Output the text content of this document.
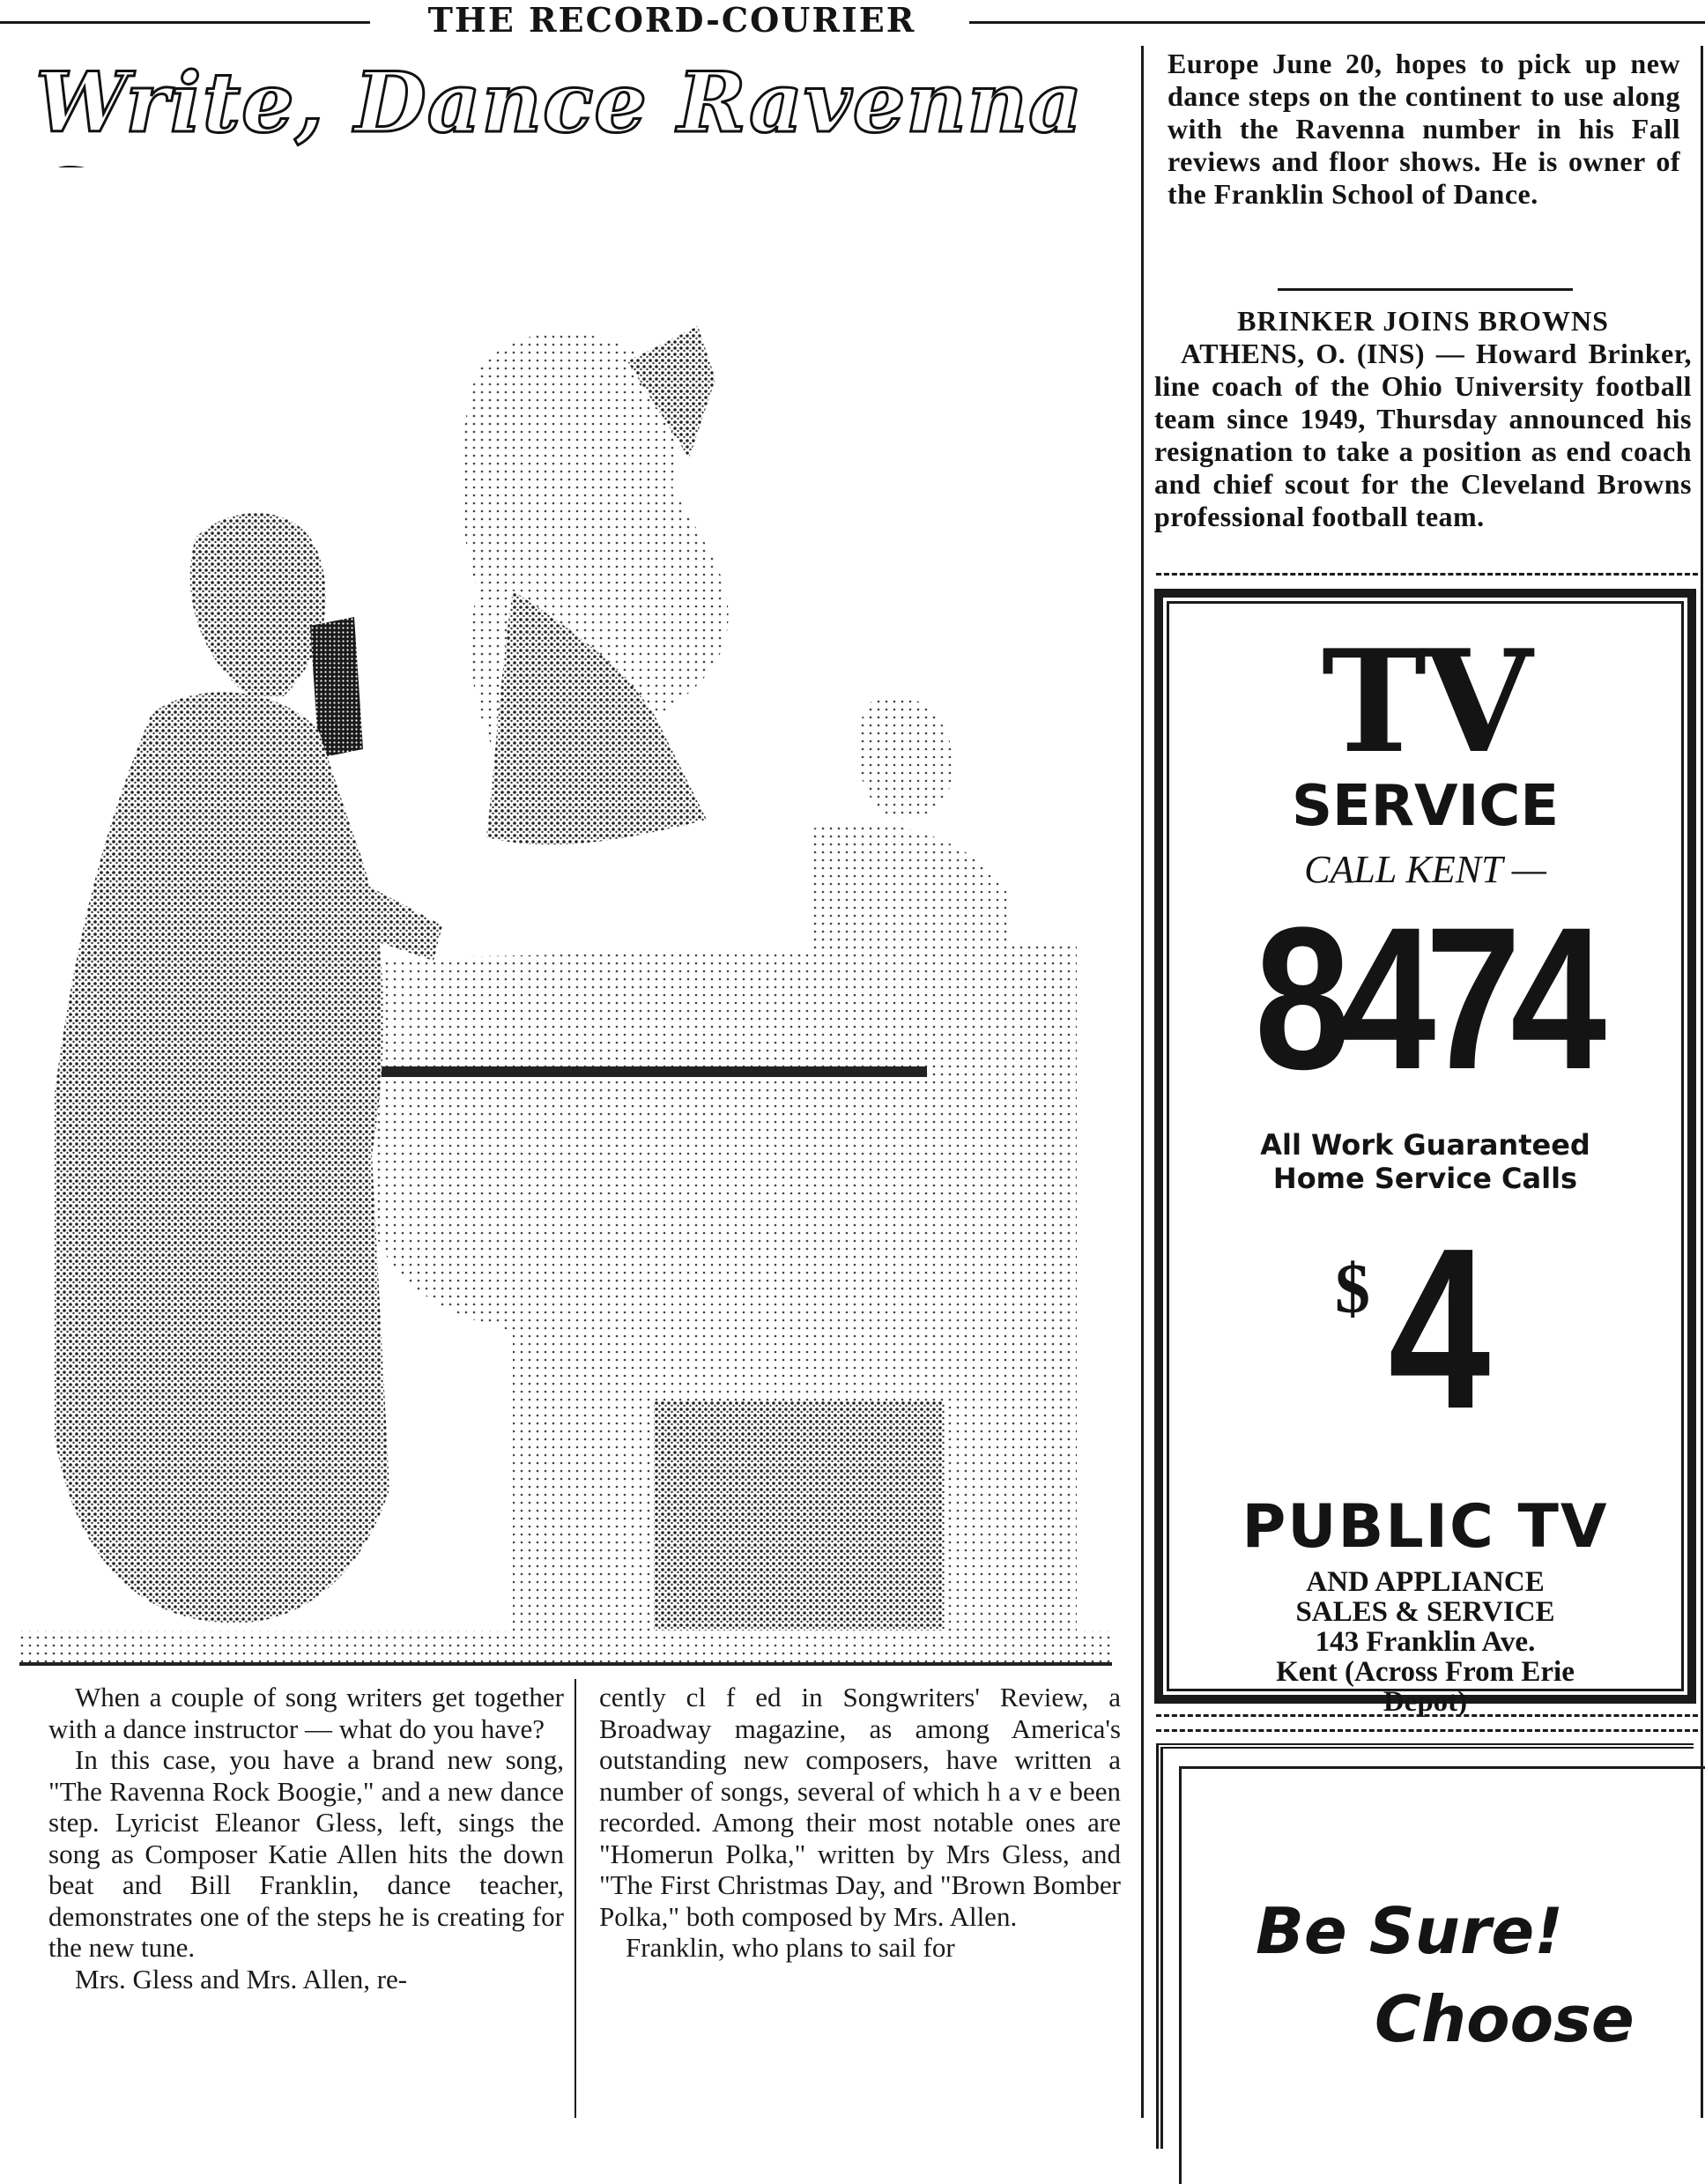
THE RECORD-COURIER
Write, Dance Ravenna

When a couple of song writers get together with a dance instructor — what do you have?

In this case, you have a brand new song, "The Ravenna Rock Boogie," and a new dance step. Lyricist Eleanor Gless, left, sings the song as Composer Katie Allen hits the down beat and Bill Franklin, dance teacher, demonstrates one of the steps he is creating for the new tune.

Mrs. Gless and Mrs. Allen, re-

cently cl f ed in Songwriters' Review, a Broadway magazine, as among America's outstanding new composers, have written a number of songs, several of which h a v e been recorded. Among their most notable ones are "Homerun Polka," written by Mrs Gless, and "The First Christmas Day, and "Brown Bomber Polka," both composed by Mrs. Allen.

Franklin, who plans to sail for

Europe June 20, hopes to pick up new dance steps on the continent to use along with the Ravenna number in his Fall reviews and floor shows. He is owner of the Franklin School of Dance.
BRINKER JOINS BROWNS
ATHENS, O. (INS) — Howard Brinker, line coach of the Ohio University football team since 1949, Thursday announced his resignation to take a position as end coach and chief scout for the Cleveland Browns professional football team.
TV
SERVICE
CALL KENT —
8474
All Work Guaranteed
Home Service Calls
$ 4
PUBLIC TV
AND APPLIANCE
SALES & SERVICE
143 Franklin Ave.
Kent (Across From Erie
Depot)
Be Sure!
Choose
